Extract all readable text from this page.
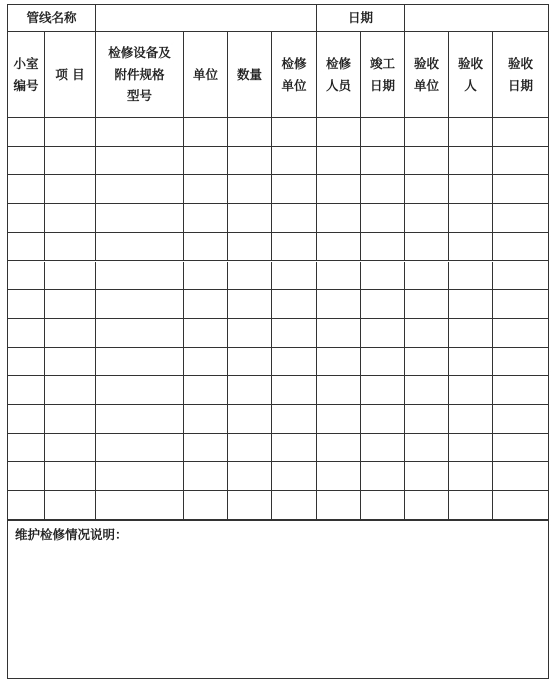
管线名称	日期
小室
编号
项 目
检修设备及
附件规格
型号
单位	数量
检修
单位
检修
人员
竣工
日期
验收
单位
验收
人
验收
日期
维护检修情况说明：
